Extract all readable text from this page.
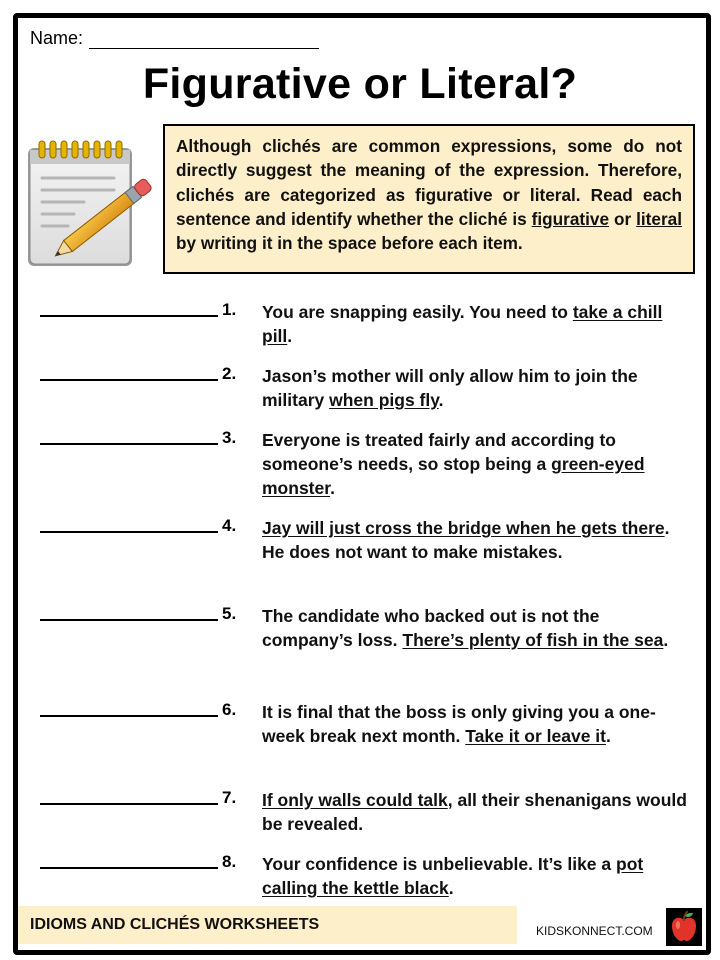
Name:
Figurative or Literal?
Although clichés are common expressions, some do not directly suggest the meaning of the expression. Therefore, clichés are categorized as figurative or literal. Read each sentence and identify whether the cliché is figurative or literal by writing it in the space before each item.
1. You are snapping easily. You need to take a chill pill.
2. Jason’s mother will only allow him to join the military when pigs fly.
3. Everyone is treated fairly and according to someone’s needs, so stop being a green-eyed monster.
4. Jay will just cross the bridge when he gets there. He does not want to make mistakes.
5. The candidate who backed out is not the company’s loss. There’s plenty of fish in the sea.
6. It is final that the boss is only giving you a one-week break next month. Take it or leave it.
7. If only walls could talk, all their shenanigans would be revealed.
8. Your confidence is unbelievable. It’s like a pot calling the kettle black.
IDIOMS AND CLICHÉS WORKSHEETS	KIDSKONNECT.COM
